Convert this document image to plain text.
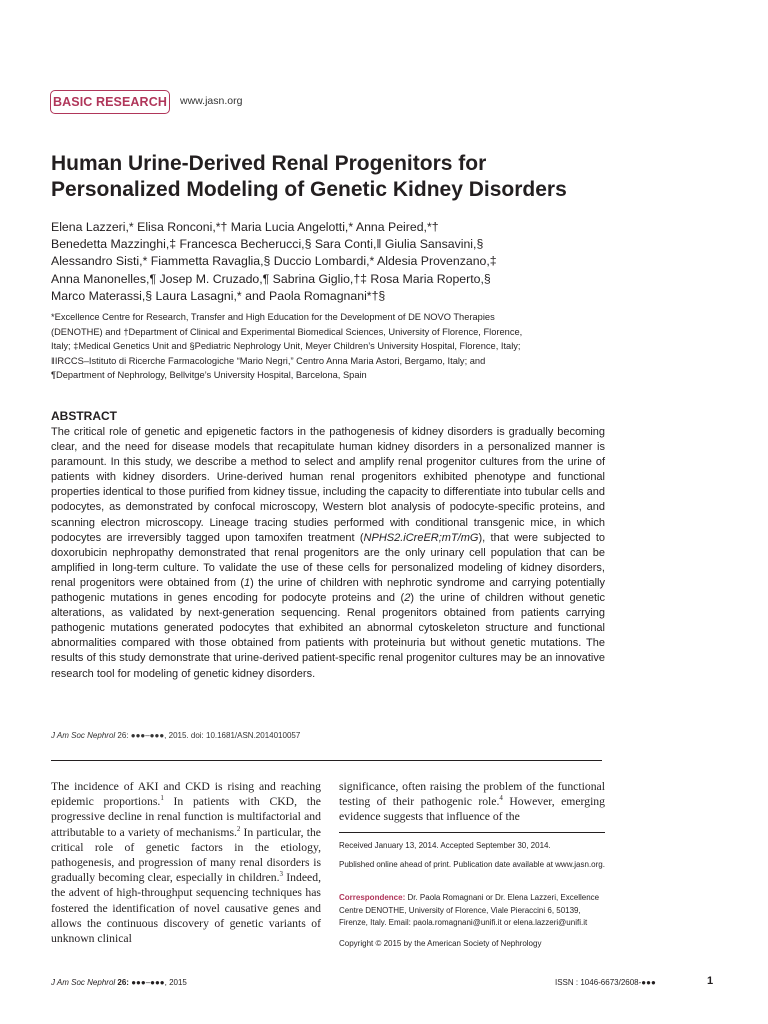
BASIC RESEARCH www.jasn.org
Human Urine-Derived Renal Progenitors for
Personalized Modeling of Genetic Kidney Disorders
Elena Lazzeri,* Elisa Ronconi,*† Maria Lucia Angelotti,* Anna Peired,*†
Benedetta Mazzinghi,‡ Francesca Becherucci,§ Sara Conti,‖ Giulia Sansavini,§
Alessandro Sisti,* Fiammetta Ravaglia,§ Duccio Lombardi,* Aldesia Provenzano,‡
Anna Manonelles,¶ Josep M. Cruzado,¶ Sabrina Giglio,†‡ Rosa Maria Roperto,§
Marco Materassi,§ Laura Lasagni,* and Paola Romagnani*†§
*Excellence Centre for Research, Transfer and High Education for the Development of DE NOVO Therapies
(DENOTHE) and †Department of Clinical and Experimental Biomedical Sciences, University of Florence, Florence,
Italy; ‡Medical Genetics Unit and §Pediatric Nephrology Unit, Meyer Children’s University Hospital, Florence, Italy;
‖IRCCS–Istituto di Ricerche Farmacologiche “Mario Negri,” Centro Anna Maria Astori, Bergamo, Italy; and
¶Department of Nephrology, Bellvitge’s University Hospital, Barcelona, Spain
ABSTRACT

The critical role of genetic and epigenetic factors in the pathogenesis of kidney disorders is gradually becoming clear, and the need for disease models that recapitulate human kidney disorders in a personalized manner is paramount. In this study, we describe a method to select and amplify renal progenitor cultures from the urine of patients with kidney disorders. Urine-derived human renal progenitors exhibited phenotype and functional properties identical to those purified from kidney tissue, including the capacity to differentiate into tubular cells and podocytes, as demonstrated by confocal microscopy, Western blot analysis of podocyte-specific proteins, and scanning electron microscopy. Lineage tracing studies performed with conditional transgenic mice, in which podocytes are irreversibly tagged upon tamoxifen treatment (NPHS2.iCreER;mT/mG), that were subjected to doxorubicin nephropathy demonstrated that renal progenitors are the only urinary cell population that can be amplified in long-term culture. To validate the use of these cells for personalized modeling of kidney disorders, renal progenitors were obtained from (1) the urine of children with nephrotic syndrome and carrying potentially pathogenic mutations in genes encoding for podocyte proteins and (2) the urine of children without genetic alterations, as validated by next-generation sequencing. Renal progenitors obtained from patients carrying pathogenic mutations generated podocytes that exhibited an abnormal cytoskeleton structure and functional abnormalities compared with those obtained from patients with proteinuria but without genetic mutations. The results of this study demonstrate that urine-derived patient-specific renal progenitor cultures may be an innovative research tool for modeling of genetic kidney disorders.

J Am Soc Nephrol 26: ●●●–●●●, 2015. doi: 10.1681/ASN.2014010057

The incidence of AKI and CKD is rising and reaching epidemic proportions.$^1$ In patients with CKD, the progressive decline in renal function is multifactorial and attributable to a variety of mechanisms.$^2$ In particular, the critical role of genetic factors in the etiology, pathogenesis, and progression of many renal disorders is gradually becoming clear, especially in children.$^3$ Indeed, the advent of high-throughput sequencing techniques has fostered the identification of novel causative genes and allows the continuous discovery of genetic variants of unknown clinical

significance, often raising the problem of the functional testing of their pathogenic role.$^4$ However, emerging evidence suggests that influence of the

Received January 13, 2014. Accepted September 30, 2014.
Published online ahead of print. Publication date available at www.jasn.org.
Correspondence: Dr. Paola Romagnani or Dr. Elena Lazzeri, Excellence Centre DENOTHE, University of Florence, Viale Pieraccini 6, 50139, Firenze, Italy. Email: paola.romagnani@unifi.it or elena.lazzeri@unifi.it
Copyright © 2015 by the American Society of Nephrology
J Am Soc Nephrol 26: ●●●–●●●, 2015	ISSN : 1046-6673/2608-●●●	1
